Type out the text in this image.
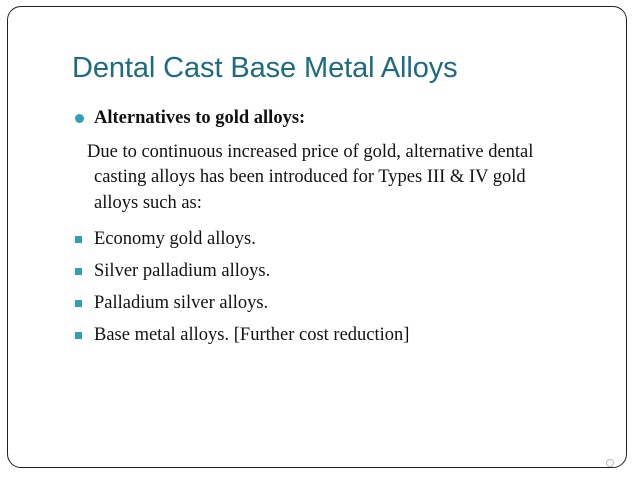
Dental Cast Base Metal Alloys
Alternatives to gold alloys:
Due to continuous increased price of gold, alternative dental
casting alloys has been introduced for Types III & IV gold
alloys such as:
Economy gold alloys.
Silver palladium alloys.
Palladium silver alloys.
Base metal alloys. [Further cost reduction]
